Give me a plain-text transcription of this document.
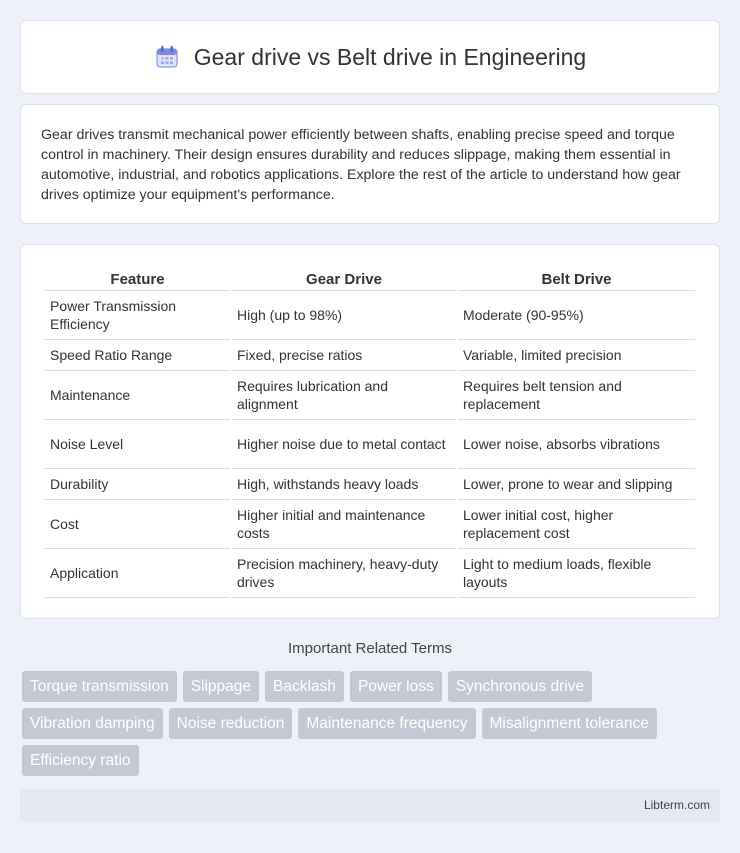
Gear drive vs Belt drive in Engineering

Gear drives transmit mechanical power efficiently between shafts, enabling precise speed and torque control in machinery. Their design ensures durability and reduces slippage, making them essential in automotive, industrial, and robotics applications. Explore the rest of the article to understand how gear drives optimize your equipment's performance.

Feature	Gear Drive	Belt Drive
Power Transmission Efficiency	High (up to 98%)	Moderate (90-95%)
Speed Ratio Range	Fixed, precise ratios	Variable, limited precision
Maintenance	Requires lubrication and alignment	Requires belt tension and replacement
Noise Level	Higher noise due to metal contact	Lower noise, absorbs vibrations
Durability	High, withstands heavy loads	Lower, prone to wear and slipping
Cost	Higher initial and maintenance costs	Lower initial cost, higher replacement cost
Application	Precision machinery, heavy-duty drives	Light to medium loads, flexible layouts
Important Related Terms
Torque transmission	Slippage	Backlash	Power loss	Synchronous drive
Vibration damping	Noise reduction	Maintenance frequency	Misalignment tolerance
Efficiency ratio
Libterm.com
